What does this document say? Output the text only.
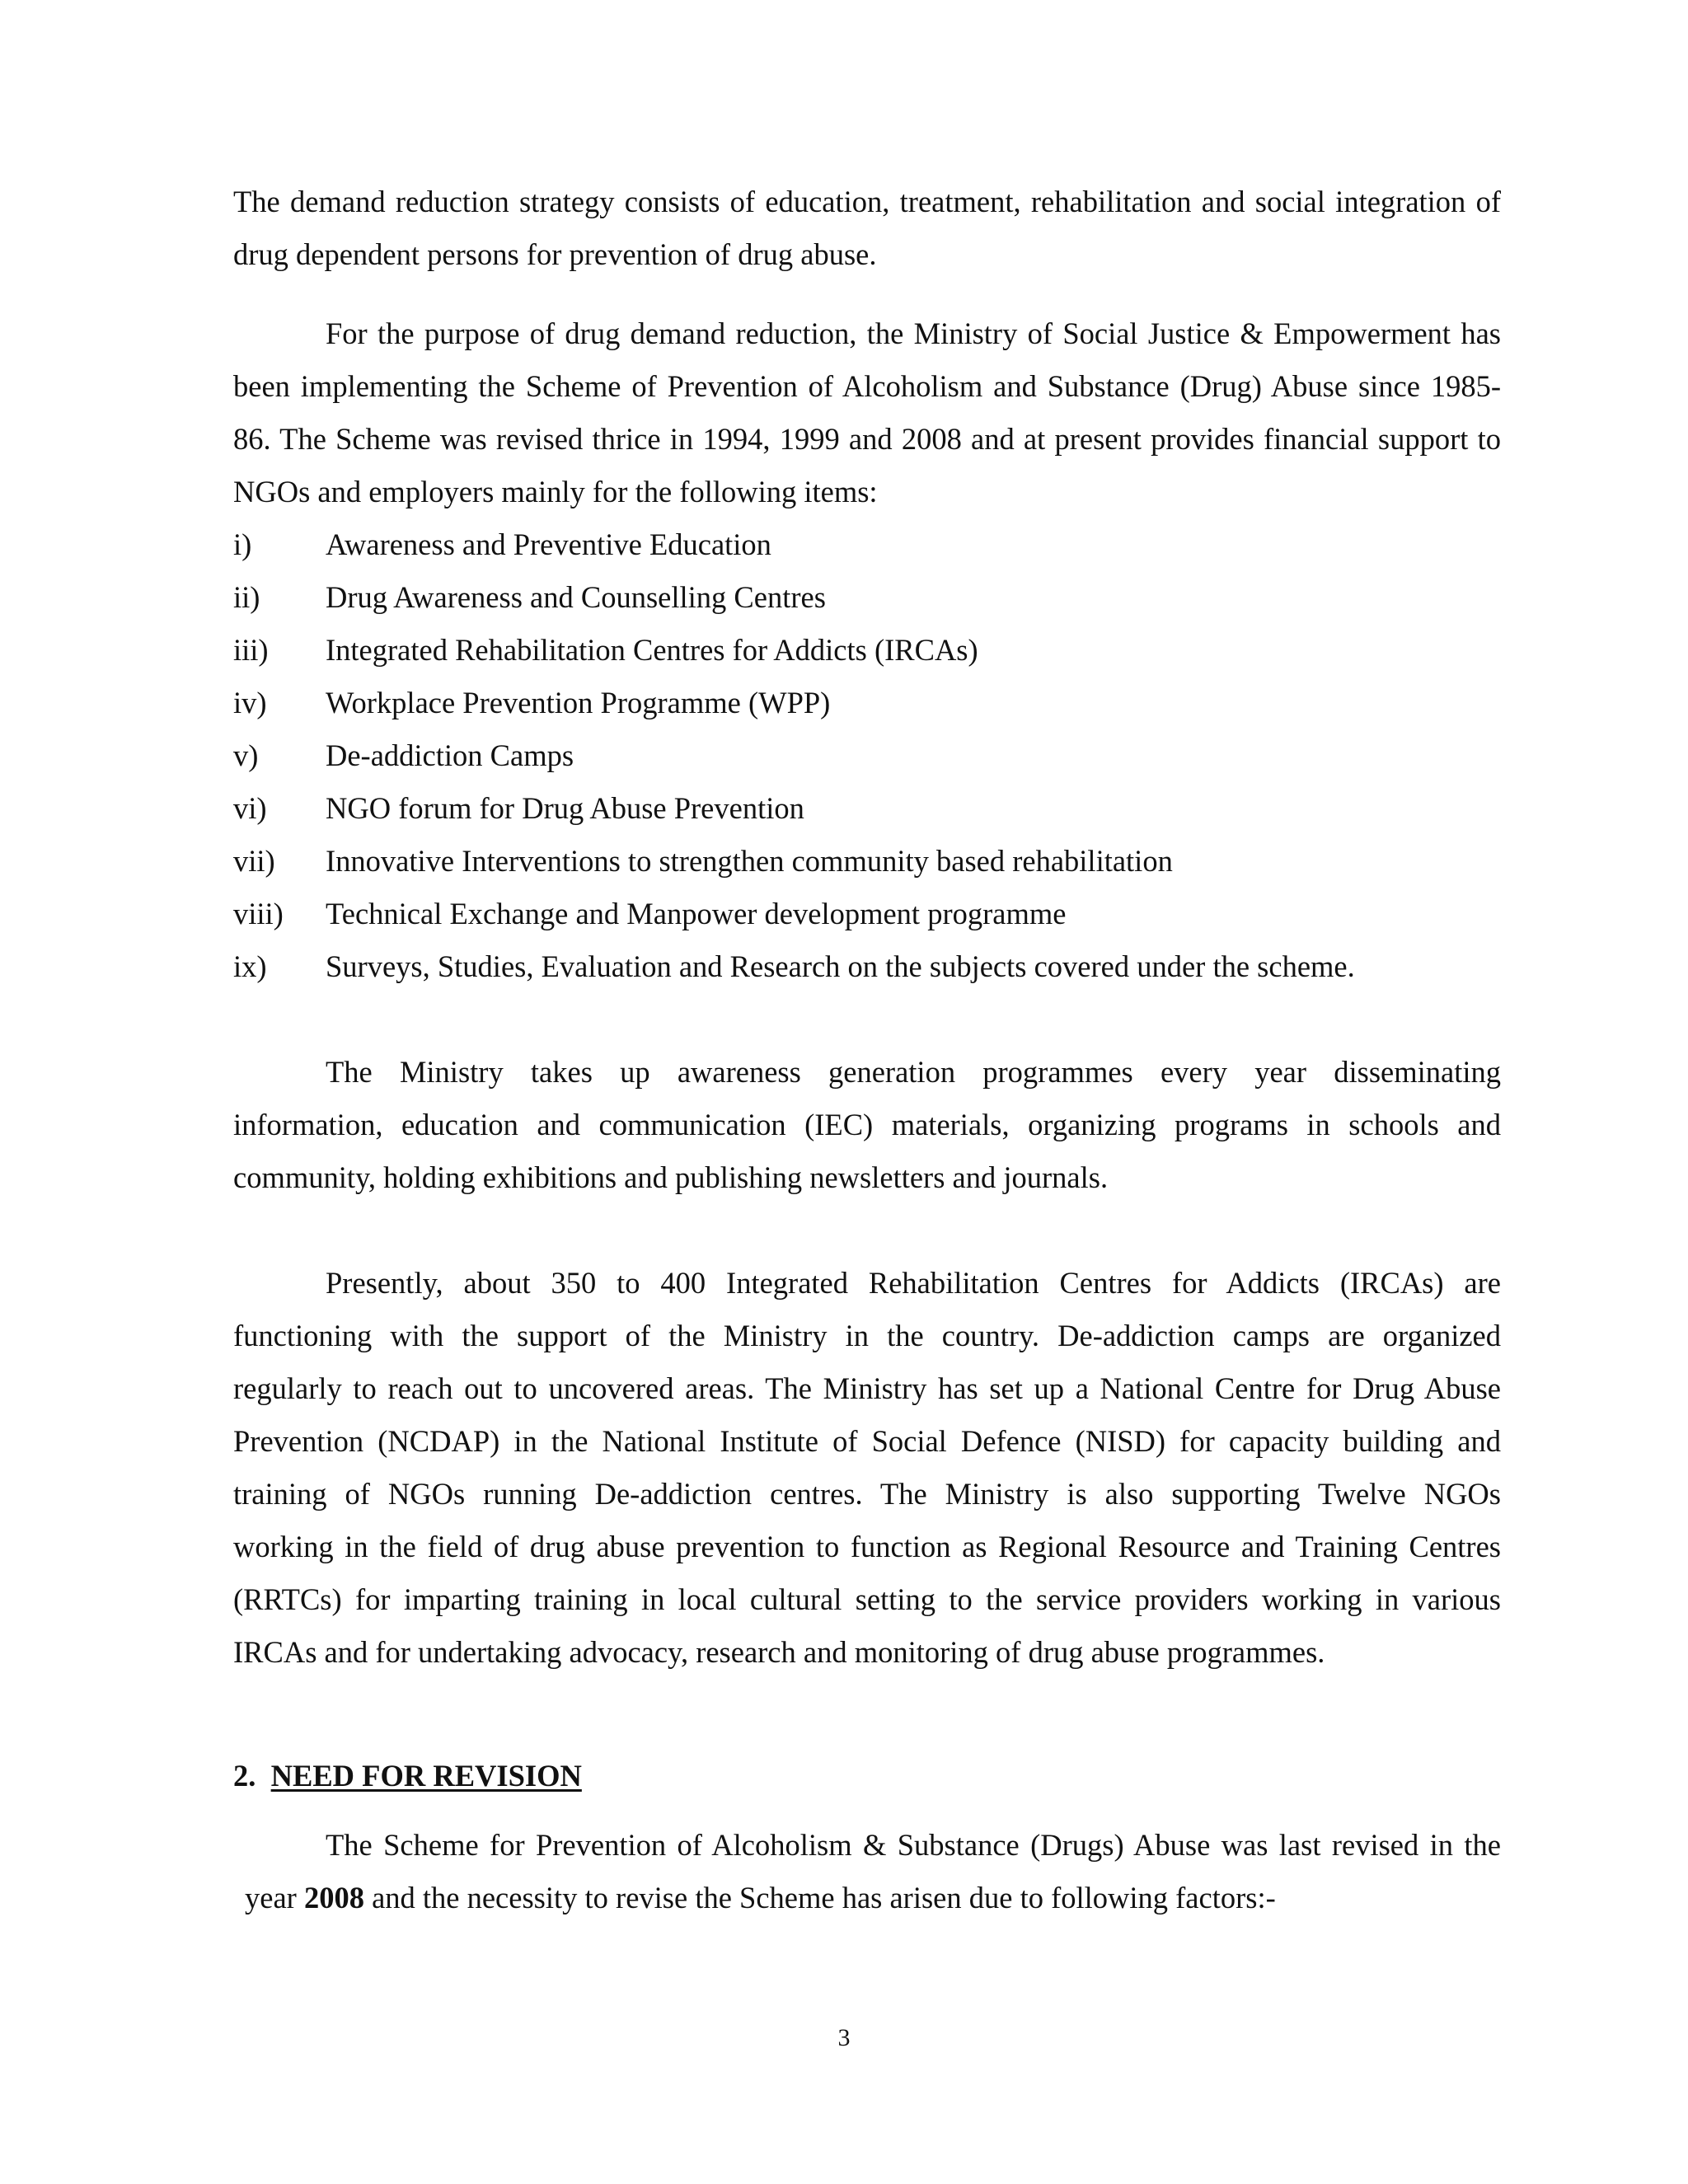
The demand reduction strategy consists of education, treatment, rehabilitation and social integration of
drug dependent persons for prevention of drug abuse.
For the purpose of drug demand reduction, the Ministry of Social Justice & Empowerment has
been implementing the Scheme of Prevention of Alcoholism and Substance (Drug) Abuse since 1985-
86. The Scheme was revised thrice in 1994, 1999 and 2008 and at present provides financial support to
NGOs and employers mainly for the following items:
i) Awareness and Preventive Education
ii) Drug Awareness and Counselling Centres
iii) Integrated Rehabilitation Centres for Addicts (IRCAs)
iv) Workplace Prevention Programme (WPP)
v) De-addiction Camps
vi) NGO forum for Drug Abuse Prevention
vii) Innovative Interventions to strengthen community based rehabilitation
viii) Technical Exchange and Manpower development programme
ix) Surveys, Studies, Evaluation and Research on the subjects covered under the scheme.
The Ministry takes up awareness generation programmes every year disseminating
information, education and communication (IEC) materials, organizing programs in schools and
community, holding exhibitions and publishing newsletters and journals.
Presently, about 350 to 400 Integrated Rehabilitation Centres for Addicts (IRCAs) are
functioning with the support of the Ministry in the country. De-addiction camps are organized
regularly to reach out to uncovered areas. The Ministry has set up a National Centre for Drug Abuse
Prevention (NCDAP) in the National Institute of Social Defence (NISD) for capacity building and
training of NGOs running De-addiction centres. The Ministry is also supporting Twelve NGOs
working in the field of drug abuse prevention to function as Regional Resource and Training Centres
(RRTCs) for imparting training in local cultural setting to the service providers working in various
IRCAs and for undertaking advocacy, research and monitoring of drug abuse programmes.
2. NEED FOR REVISION
The Scheme for Prevention of Alcoholism & Substance (Drugs) Abuse was last revised in the
year 2008 and the necessity to revise the Scheme has arisen due to following factors:-
3
